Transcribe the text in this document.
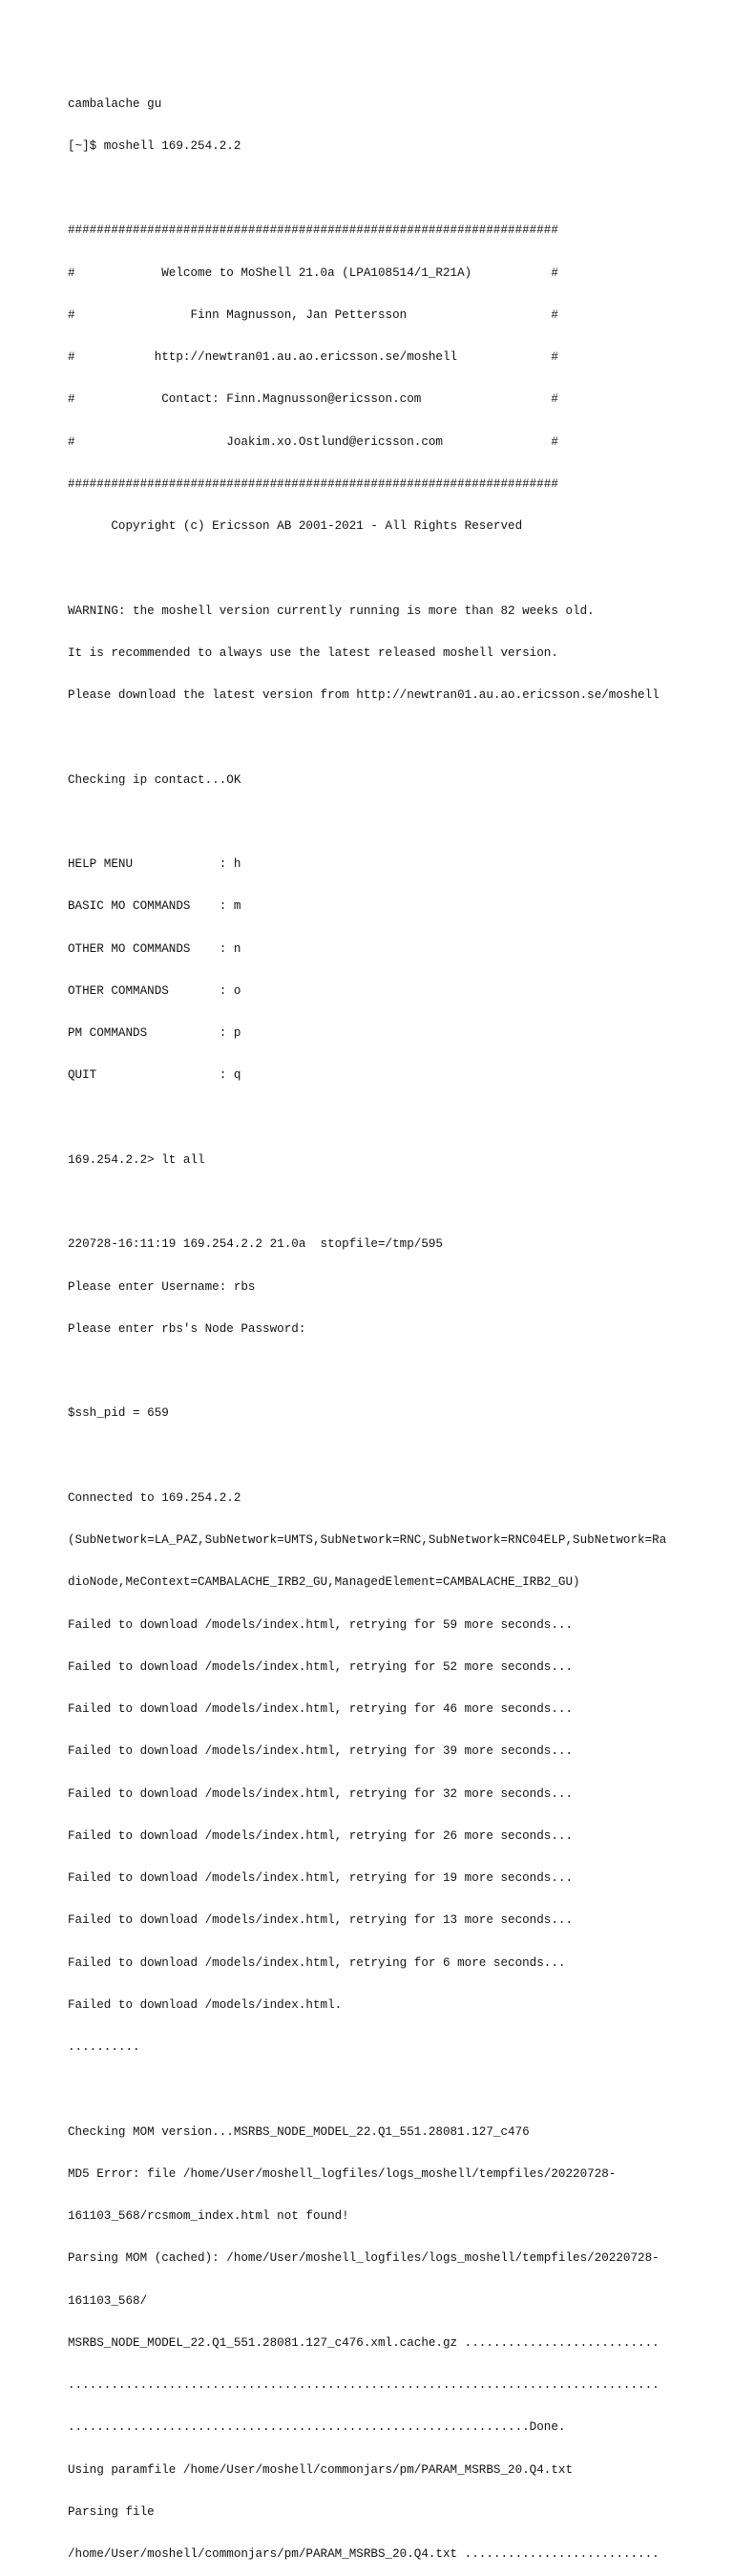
cambalache gu

[~]$ moshell 169.254.2.2

####################################################################

#            Welcome to MoShell 21.0a (LPA108514/1_R21A)           #

#                Finn Magnusson, Jan Pettersson                    #

#           http://newtran01.au.ao.ericsson.se/moshell             #

#            Contact: Finn.Magnusson@ericsson.com                  #

#                     Joakim.xo.Ostlund@ericsson.com               #

####################################################################

Copyright (c) Ericsson AB 2001-2021 - All Rights Reserved

WARNING: the moshell version currently running is more than 82 weeks old.

It is recommended to always use the latest released moshell version.

Please download the latest version from http://newtran01.au.ao.ericsson.se/moshell

Checking ip contact...OK

HELP MENU            : h

BASIC MO COMMANDS    : m

OTHER MO COMMANDS    : n

OTHER COMMANDS       : o

PM COMMANDS          : p

QUIT                 : q

169.254.2.2> lt all

220728-16:11:19 169.254.2.2 21.0a  stopfile=/tmp/595

Please enter Username: rbs

Please enter rbs's Node Password:

$ssh_pid = 659

Connected to 169.254.2.2

(SubNetwork=LA_PAZ,SubNetwork=UMTS,SubNetwork=RNC,SubNetwork=RNC04ELP,SubNetwork=Ra

dioNode,MeContext=CAMBALACHE_IRB2_GU,ManagedElement=CAMBALACHE_IRB2_GU)

Failed to download /models/index.html, retrying for 59 more seconds...

Failed to download /models/index.html, retrying for 52 more seconds...

Failed to download /models/index.html, retrying for 46 more seconds...

Failed to download /models/index.html, retrying for 39 more seconds...

Failed to download /models/index.html, retrying for 32 more seconds...

Failed to download /models/index.html, retrying for 26 more seconds...

Failed to download /models/index.html, retrying for 19 more seconds...

Failed to download /models/index.html, retrying for 13 more seconds...

Failed to download /models/index.html, retrying for 6 more seconds...

Failed to download /models/index.html.

..........

Checking MOM version...MSRBS_NODE_MODEL_22.Q1_551.28081.127_c476

MD5 Error: file /home/User/moshell_logfiles/logs_moshell/tempfiles/20220728-

161103_568/rcsmom_index.html not found!

Parsing MOM (cached): /home/User/moshell_logfiles/logs_moshell/tempfiles/20220728-

161103_568/

MSRBS_NODE_MODEL_22.Q1_551.28081.127_c476.xml.cache.gz ...........................

..................................................................................

................................................................Done.

Using paramfile /home/User/moshell/commonjars/pm/PARAM_MSRBS_20.Q4.txt

Parsing file

/home/User/moshell/commonjars/pm/PARAM_MSRBS_20.Q4.txt ...........................
